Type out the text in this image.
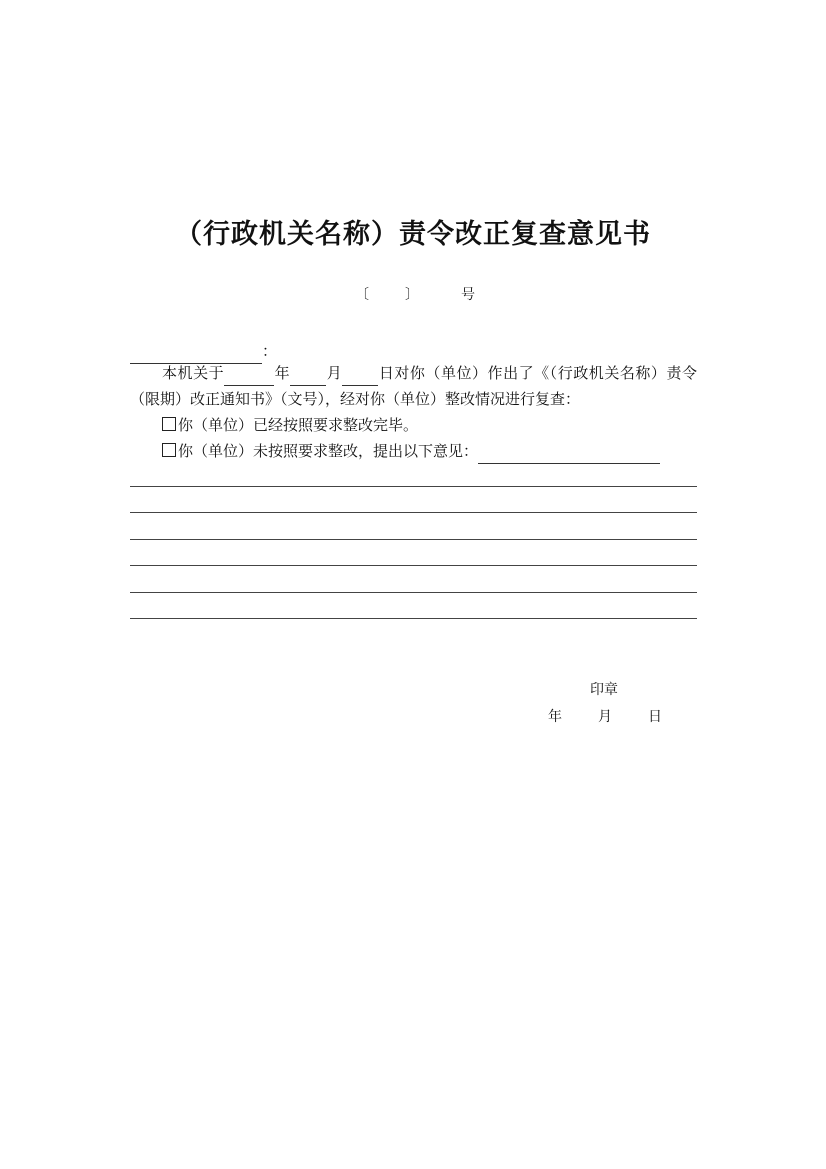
（行政机关名称）责令改正复查意见书
〔	〕	号
：
本机关于	年 月 日对你（单位）作出了《（行政机关名称）责令（限期）改正通知书》（文号），经对你（单位）整改情况进行复查：
你（单位）已经按照要求整改完毕。
你（单位）未按照要求整改，提出以下意见：
印章
年	月	日
